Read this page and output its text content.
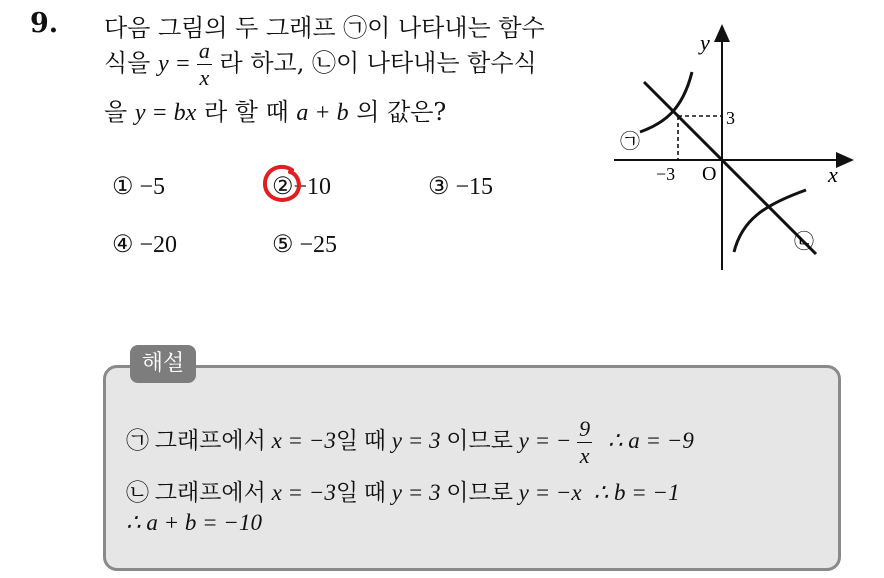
9. 다음 그림의 두 그래프 ㉠이 나타내는 함수
식을 $y = \frac{a}{x}$ 라 하고, ㉡이 나타내는 함수식
을 y = bx 라 할 때 a + b 의 값은?
① −5	②−10	③ −15
④ −20	⑤ −25
y
x
O
−3
3
㉠
㉡
해설
㉠ 그래프에서 x = −3일 때 y = 3 이므로 y = − $\frac{9}{x}$ ∴ a = −9
㉡ 그래프에서 x = −3일 때 y = 3 이므로 y = −x ∴ b = −1
∴ a + b = −10
